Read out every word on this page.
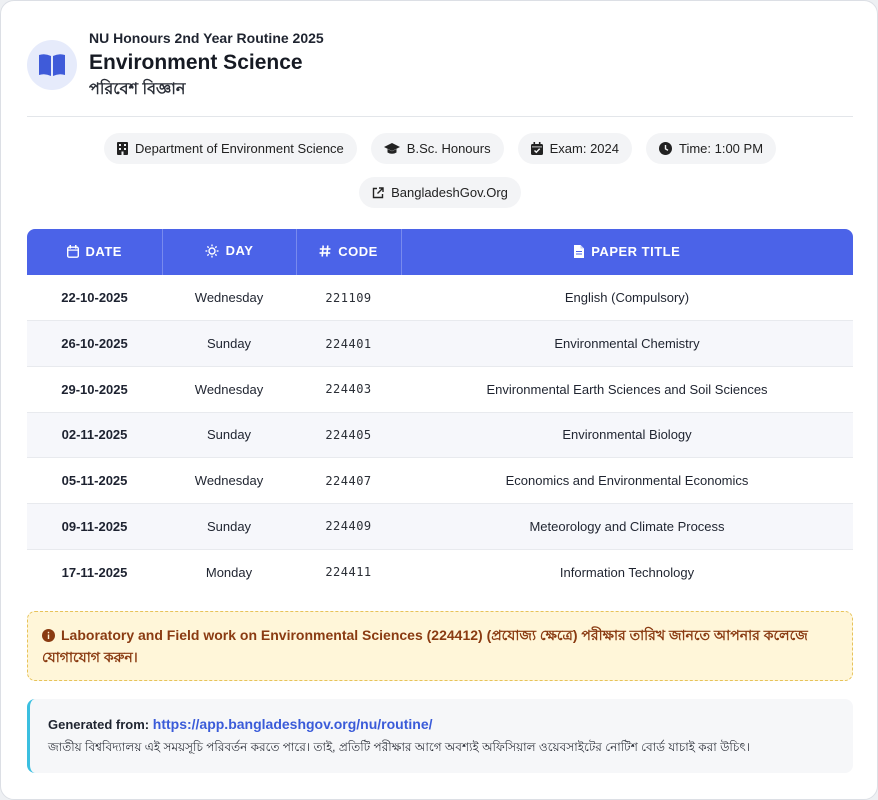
NU Honours 2nd Year Routine 2025
Environment Science
পরিবেশ বিজ্ঞান
Department of Environment Science	B.Sc. Honours	Exam: 2024	Time: 1:00 PM
BangladeshGov.Org
DATE	DAY	CODE	PAPER TITLE

22-10-2025	Wednesday	221109	English (Compulsory)
26-10-2025	Sunday	224401	Environmental Chemistry
29-10-2025	Wednesday	224403	Environmental Earth Sciences and Soil Sciences
02-11-2025	Sunday	224405	Environmental Biology
05-11-2025	Wednesday	224407	Economics and Environmental Economics
09-11-2025	Sunday	224409	Meteorology and Climate Process
17-11-2025	Monday	224411	Information Technology
Laboratory and Field work on Environmental Sciences (224412) (প্রযোজ্য ক্ষেত্রে) পরীক্ষার তারিখ জানতে আপনার কলেজে যোগাযোগ করুন।
Generated from: https://app.bangladeshgov.org/nu/routine/
জাতীয় বিশ্ববিদ্যালয় এই সময়সূচি পরিবর্তন করতে পারে। তাই, প্রতিটি পরীক্ষার আগে অবশ্যই অফিসিয়াল ওয়েবসাইটের নোটিশ বোর্ড যাচাই করা উচিৎ।
